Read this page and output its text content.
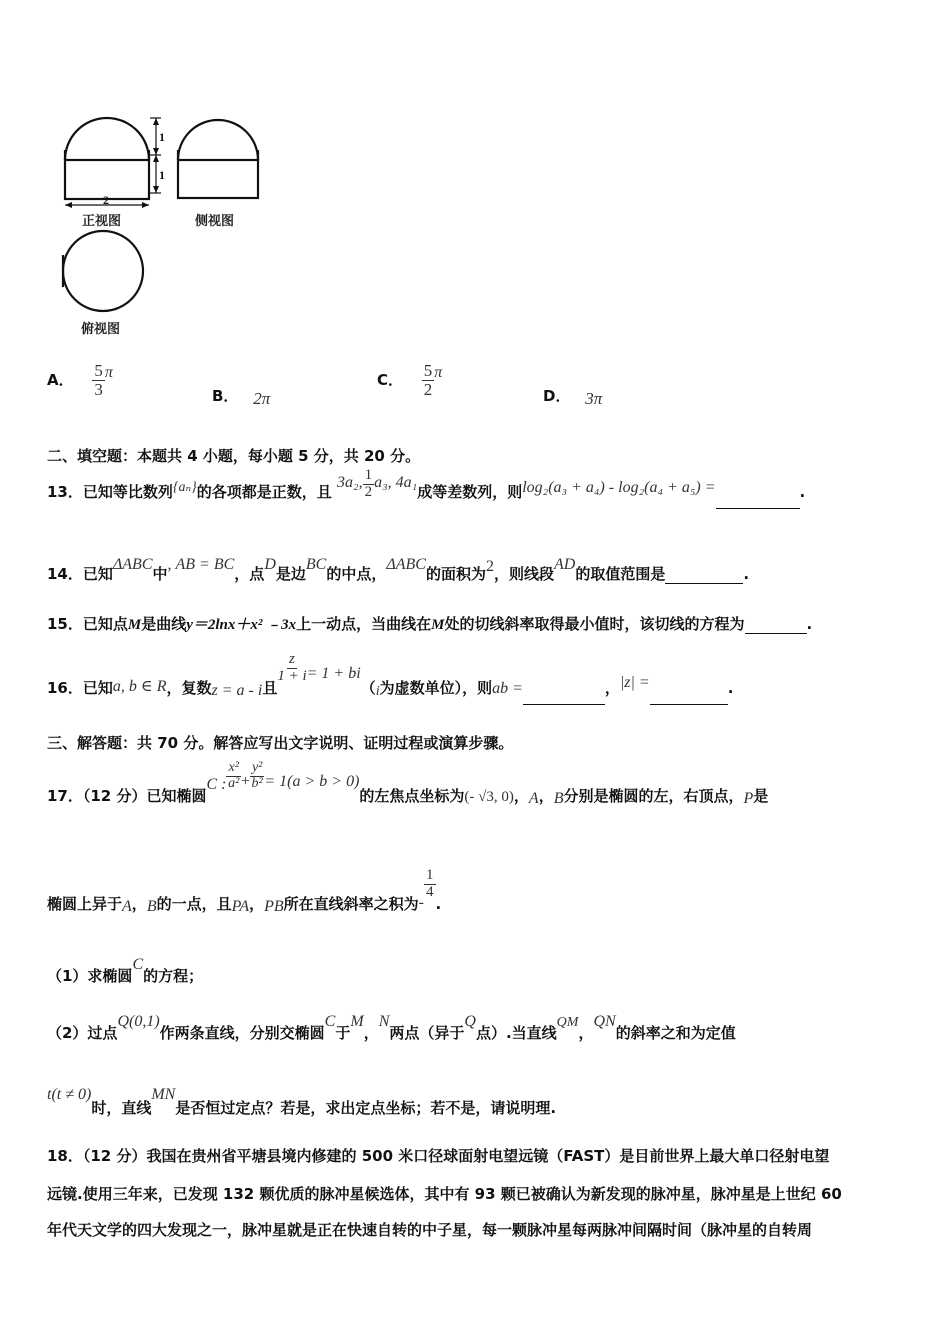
1
1
2
正视图	侧视图
俯视图
A． $\frac{5}{3}$ π
B． 2π
C． $\frac{5}{2}$ π
D． 3π
二、填空题：本题共 4 小题，每小题 5 分，共 20 分。
13．已知等比数列{aₙ}的各项都是正数，且 3a₂, $\frac{1}{2} a_3$, 4a₁成等差数列，则log₂(a₃ + a₄) - log₂(a₄ + a₅) =	.
14．已知ΔABC中, AB = BC，点D是边BC的中点，ΔABC的面积为2，则线段AD的取值范围是	.
15．已知点M是曲线y＝2lnx＋x² ﹣3x上一动点，当曲线在M处的切线斜率取得最小值时，该切线的方程为	.
16．已知a, b ∈ R，复数z = a - i且
$\frac{z}{1 + i} = 1 + bi(i$为虚数单位），则ab =	，|z| =	.
三、解答题：共 70 分。解答应写出文字说明、证明过程或演算步骤。
17．（12 分）已知椭圆C : $\frac{\text{x²}}{\text{a²}} + \frac{\text{y²}}{\text{b²}} = 1(a > b > 0)$的左焦点坐标为(- √3, 0)，A，B分别是椭圆的左，右顶点，P是
椭圆上异于A，B的一点，且PA，PB所在直线斜率之积为-
$\frac{1}{4}$
.
（1）求椭圆C的方程；
（2）过点Q(0,1)作两条直线，分别交椭圆C于M，N两点（异于Q点）.当直线QM，QN的斜率之和为定值
t(t ≠ 0)时，直线MN是否恒过定点？若是，求出定点坐标；若不是，请说明理.
18．（12 分）我国在贵州省平塘县境内修建的 500 米口径球面射电望远镜（FAST）是目前世界上最大单口径射电望
远镜.使用三年来，已发现 132 颗优质的脉冲星候选体，其中有 93 颗已被确认为新发现的脉冲星，脉冲星是上世纪 60
年代天文学的四大发现之一，脉冲星就是正在快速自转的中子星，每一颗脉冲星每两脉冲间隔时间（脉冲星的自转周
